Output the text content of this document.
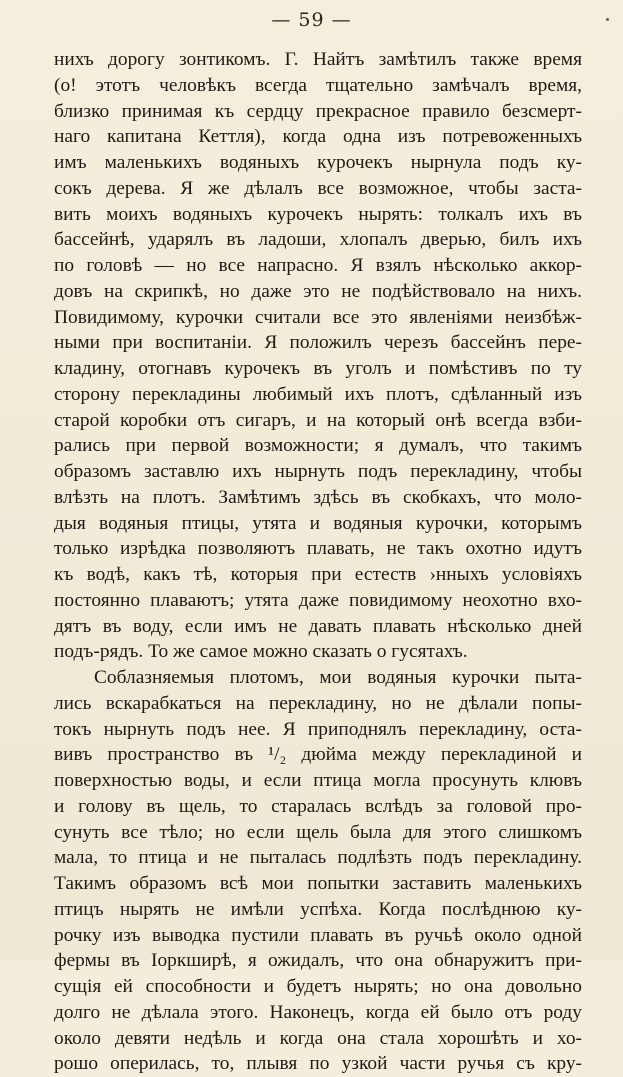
— 59 —
нихъ дорогу зонтикомъ. Г. Найтъ замѣтилъ также время
(о! этотъ человѣкъ всегда тщательно замѣчалъ время,
близко принимая къ сердцу прекрасное правило безсмерт-
наго капитана Кеттля), когда одна изъ потревоженныхъ
имъ маленькихъ водяныхъ курочекъ нырнула подъ ку-
сокъ дерева. Я же дѣлалъ все возможное, чтобы заста-
вить моихъ водяныхъ курочекъ нырять: толкалъ ихъ въ
бассейнѣ, ударялъ въ ладоши, хлопалъ дверью, билъ ихъ
по головѣ — но все напрасно. Я взялъ нѣсколько аккор-
довъ на скрипкѣ, но даже это не подѣйствовало на нихъ.
Повидимому, курочки считали все это явленіями неизбѣж-
ными при воспитаніи. Я положилъ черезъ бассейнъ пере-
кладину, отогнавъ курочекъ въ уголъ и помѣстивъ по ту
сторону перекладины любимый ихъ плотъ, сдѣланный изъ
старой коробки отъ сигаръ, и на который онѣ всегда взби-
рались при первой возможности; я думалъ, что такимъ
образомъ заставлю ихъ нырнуть подъ перекладину, чтобы
влѣзть на плотъ. Замѣтимъ здѣсь въ скобкахъ, что моло-
дыя водяныя птицы, утята и водяныя курочки, которымъ
только изрѣдка позволяютъ плавать, не такъ охотно идутъ
къ водѣ, какъ тѣ, которыя при естеств ›нныхъ условіяхъ
постоянно плаваютъ; утята даже повидимому неохотно вхо-
дятъ въ воду, если имъ не давать плавать нѣсколько дней
подъ-рядъ. То же самое можно сказать о гусятахъ.
Соблазняемыя плотомъ, мои водяныя курочки пыта-
лись вскарабкаться на перекладину, но не дѣлали попы-
токъ нырнуть подъ нее. Я приподнялъ перекладину, оста-
вивъ пространство въ ¹/₂ дюйма между перекладиной и
поверхностью воды, и если птица могла просунуть клювъ
и голову въ щель, то старалась вслѣдъ за головой про-
сунуть все тѣло; но если щель была для этого слишкомъ
мала, то птица и не пыталась подлѣзть подъ перекладину.
Такимъ образомъ всѣ мои попытки заставить маленькихъ
птицъ нырять не имѣли успѣха. Когда послѣднюю ку-
рочку изъ выводка пустили плавать въ ручьѣ около одной
фермы въ Іоркширѣ, я ожидалъ, что она обнаружитъ при-
сущія ей способности и будетъ нырять; но она довольно
долго не дѣлала этого. Наконецъ, когда ей было отъ роду
около девяти недѣль и когда она стала хорошѣть и хо-
рошо оперилась, то, плывя по узкой части ручья съ кру-
